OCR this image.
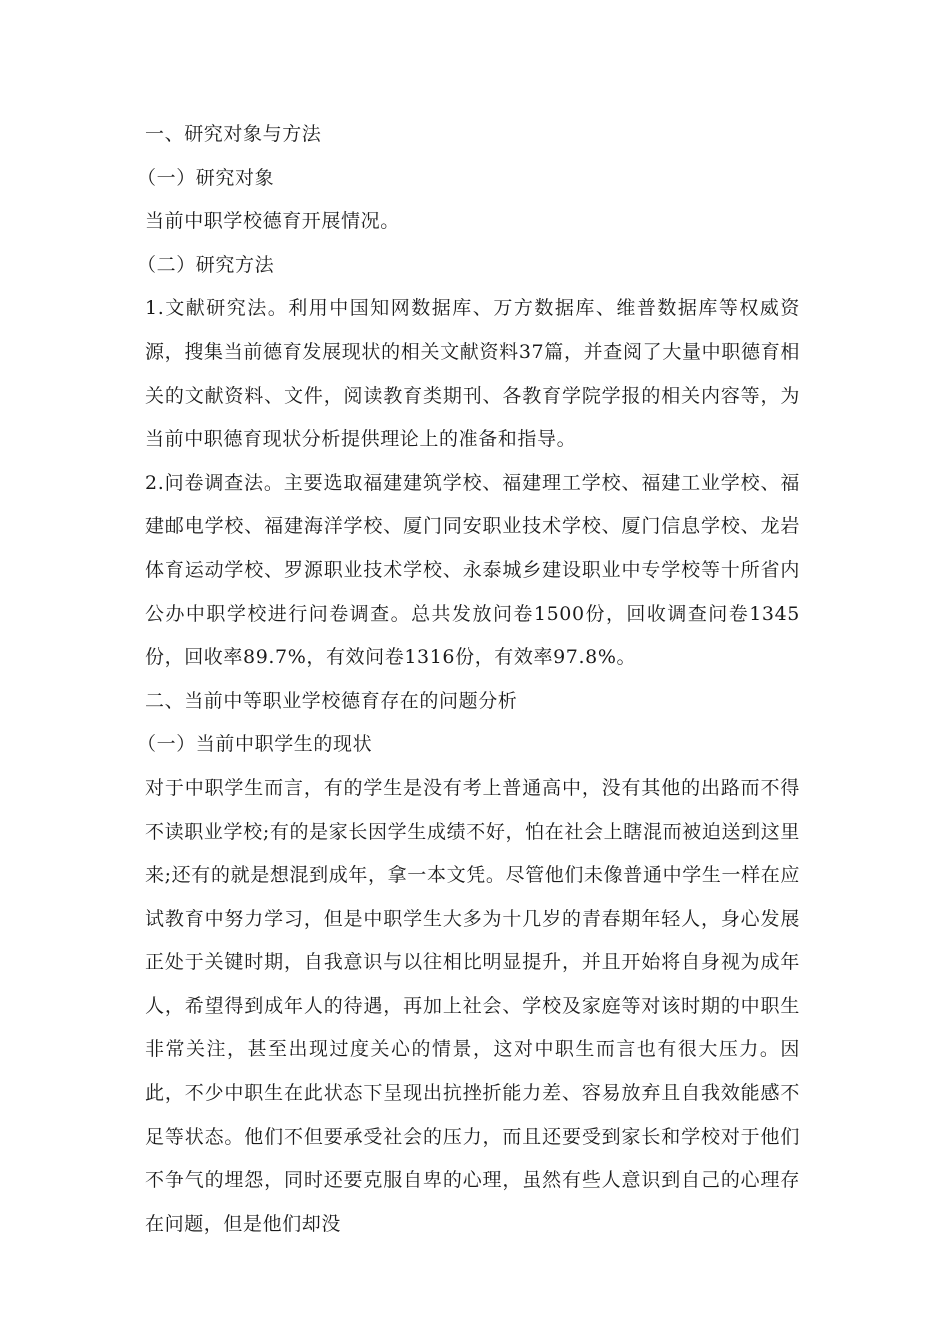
一、研究对象与方法

（一）研究对象

当前中职学校德育开展情况。

（二）研究方法

1.文献研究法。利用中国知网数据库、万方数据库、维普数据库等权威资源，搜集当前德育发展现状的相关文献资料37篇，并查阅了大量中职德育相关的文献资料、文件，阅读教育类期刊、各教育学院学报的相关内容等，为当前中职德育现状分析提供理论上的准备和指导。

2.问卷调查法。主要选取福建建筑学校、福建理工学校、福建工业学校、福建邮电学校、福建海洋学校、厦门同安职业技术学校、厦门信息学校、龙岩体育运动学校、罗源职业技术学校、永泰城乡建设职业中专学校等十所省内公办中职学校进行问卷调查。总共发放问卷1500份，回收调查问卷1345份，回收率89.7%，有效问卷1316份，有效率97.8%。

二、当前中等职业学校德育存在的问题分析

（一）当前中职学生的现状

对于中职学生而言，有的学生是没有考上普通高中，没有其他的出路而不得不读职业学校;有的是家长因学生成绩不好，怕在社会上瞎混而被迫送到这里来;还有的就是想混到成年，拿一本文凭。尽管他们未像普通中学生一样在应试教育中努力学习，但是中职学生大多为十几岁的青春期年轻人，身心发展正处于关键时期，自我意识与以往相比明显提升，并且开始将自身视为成年人，希望得到成年人的待遇，再加上社会、学校及家庭等对该时期的中职生非常关注，甚至出现过度关心的情景，这对中职生而言也有很大压力。因此，不少中职生在此状态下呈现出抗挫折能力差、容易放弃且自我效能感不足等状态。他们不但要承受社会的压力，而且还要受到家长和学校对于他们不争气的埋怨，同时还要克服自卑的心理，虽然有些人意识到自己的心理存在问题，但是他们却没
